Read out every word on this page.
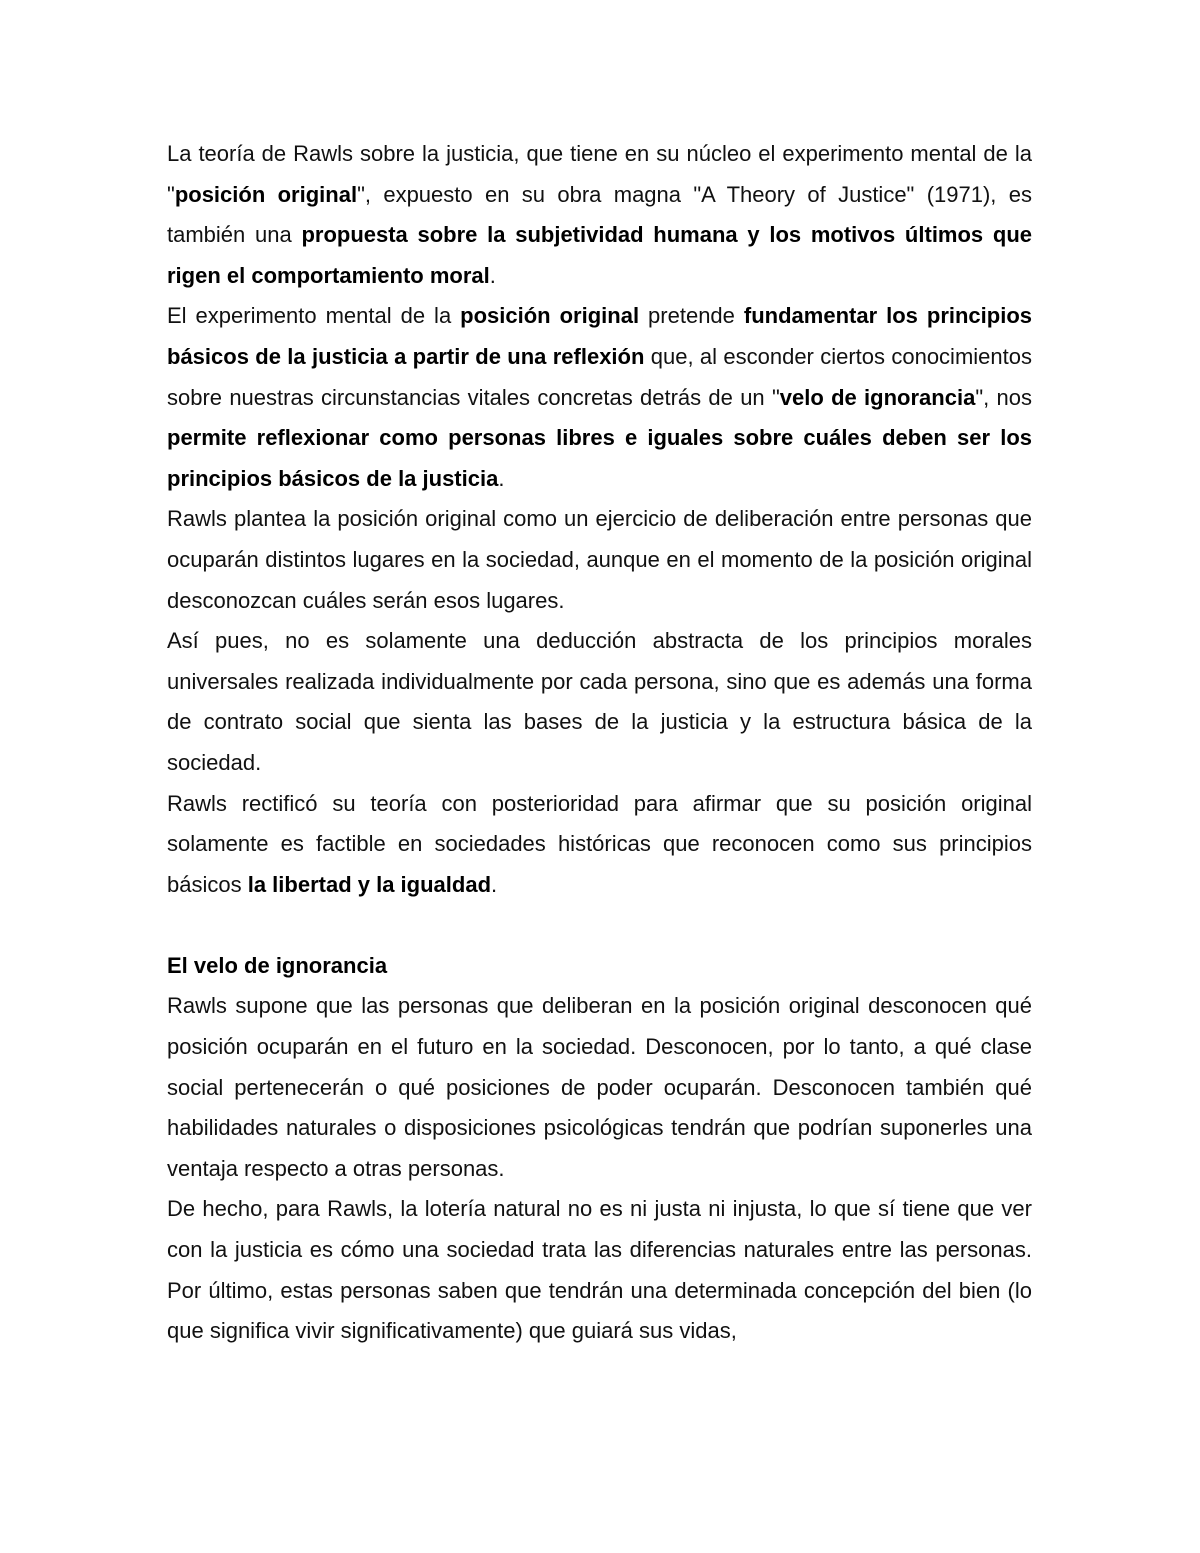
La teoría de Rawls sobre la justicia, que tiene en su núcleo el experimento mental de la "posición original", expuesto en su obra magna "A Theory of Justice" (1971), es también una propuesta sobre la subjetividad humana y los motivos últimos que rigen el comportamiento moral.

El experimento mental de la posición original pretende fundamentar los principios básicos de la justicia a partir de una reflexión que, al esconder ciertos conocimientos sobre nuestras circunstancias vitales concretas detrás de un "velo de ignorancia", nos permite reflexionar como personas libres e iguales sobre cuáles deben ser los principios básicos de la justicia.

Rawls plantea la posición original como un ejercicio de deliberación entre personas que ocuparán distintos lugares en la sociedad, aunque en el momento de la posición original desconozcan cuáles serán esos lugares.

Así pues, no es solamente una deducción abstracta de los principios morales universales realizada individualmente por cada persona, sino que es además una forma de contrato social que sienta las bases de la justicia y la estructura básica de la sociedad.

Rawls rectificó su teoría con posterioridad para afirmar que su posición original solamente es factible en sociedades históricas que reconocen como sus principios básicos la libertad y la igualdad.

El velo de ignorancia

Rawls supone que las personas que deliberan en la posición original desconocen qué posición ocuparán en el futuro en la sociedad. Desconocen, por lo tanto, a qué clase social pertenecerán o qué posiciones de poder ocuparán. Desconocen también qué habilidades naturales o disposiciones psicológicas tendrán que podrían suponerles una ventaja respecto a otras personas.

De hecho, para Rawls, la lotería natural no es ni justa ni injusta, lo que sí tiene que ver con la justicia es cómo una sociedad trata las diferencias naturales entre las personas. Por último, estas personas saben que tendrán una determinada concepción del bien (lo que significa vivir significativamente) que guiará sus vidas,
